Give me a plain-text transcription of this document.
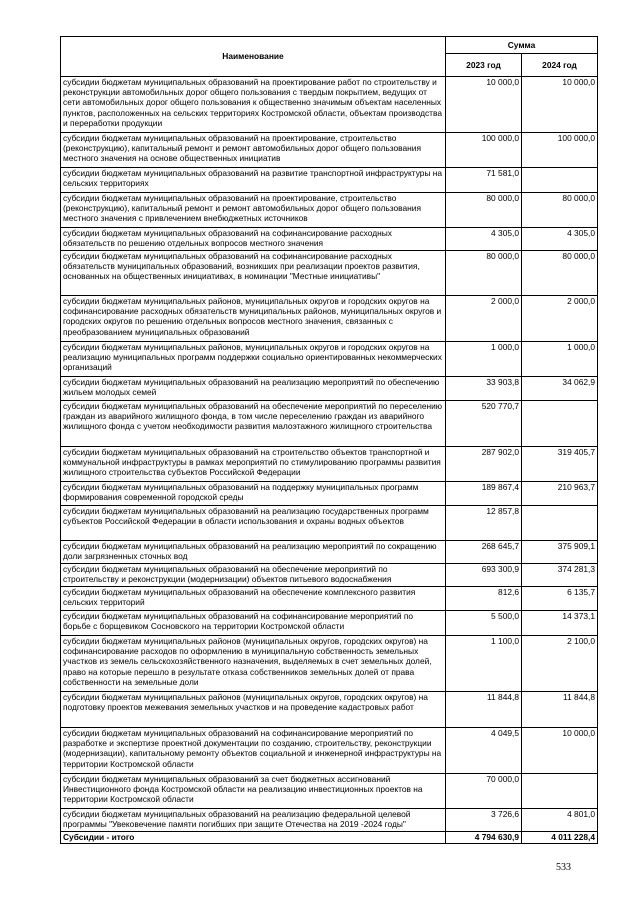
Наименование	Сумма	
	2023 год	2024 год
субсидии бюджетам муниципальных образований на проектирование работ по строительству и реконструкции автомобильных дорог общего пользования с твердым покрытием, ведущих от сети автомобильных дорог общего пользования к общественно значимым объектам населенных пунктов, расположенных на сельских территориях Костромской области, объектам производства и переработки продукции	10 000,0	10 000,0
субсидии бюджетам муниципальных образований на проектирование, строительство (реконструкцию), капитальный ремонт и ремонт автомобильных дорог общего пользования местного значения на основе общественных инициатив	100 000,0	100 000,0
субсидии бюджетам муниципальных образований на развитие транспортной инфраструктуры на сельских территориях	71 581,0	
субсидии бюджетам муниципальных образований на проектирование, строительство (реконструкцию), капитальный ремонт и ремонт автомобильных дорог общего пользования местного значения с привлечением внебюджетных источников	80 000,0	80 000,0
субсидии бюджетам муниципальных образований на софинансирование расходных обязательств по решению отдельных вопросов местного значения	4 305,0	4 305,0
субсидии бюджетам муниципальных образований на софинансирование расходных обязательств муниципальных образований, возникших при реализации проектов развития, основанных на общественных инициативах, в номинации "Местные инициативы"	80 000,0	80 000,0
субсидии бюджетам муниципальных районов, муниципальных округов и городских округов на софинансирование расходных обязательств муниципальных районов, муниципальных округов и городских округов по решению отдельных вопросов местного значения, связанных с преобразованием муниципальных образований	2 000,0	2 000,0
субсидии бюджетам муниципальных районов, муниципальных округов и городских округов на реализацию муниципальных программ поддержки социально ориентированных некоммерческих организаций	1 000,0	1 000,0
субсидии бюджетам муниципальных образований на реализацию мероприятий по обеспечению жильем молодых семей	33 903,8	34 062,9
субсидии бюджетам муниципальных образований на обеспечение мероприятий по переселению граждан из аварийного жилищного фонда, в том числе переселению граждан из аварийного жилищного фонда с учетом необходимости развития малоэтажного жилищного строительства	520 770,7	
субсидии бюджетам муниципальных образований на строительство объектов транспортной и коммунальной инфраструктуры в рамках мероприятий по стимулированию программы развития жилищного строительства субъектов Российской Федерации	287 902,0	319 405,7
субсидии бюджетам муниципальных образований на поддержку муниципальных программ формирования современной городской среды	189 867,4	210 963,7
субсидии бюджетам муниципальных образований на реализацию государственных программ субъектов Российской Федерации в области использования и охраны водных объектов	12 857,8	
субсидии бюджетам муниципальных образований на реализацию мероприятий по сокращению доли загрязненных сточных вод	268 645,7	375 909,1
субсидии бюджетам муниципальных образований на обеспечение мероприятий по строительству и реконструкции (модернизации) объектов питьевого водоснабжения	693 300,9	374 281,3
субсидии бюджетам муниципальных образований на обеспечение комплексного развития сельских территорий	812,6	6 135,7
субсидии бюджетам муниципальных образований на софинансирование мероприятий по борьбе с борщевиком Сосновского на территории Костромской области	5 500,0	14 373,1
субсидии бюджетам муниципальных районов (муниципальных округов, городских округов) на софинансирование расходов по оформлению в муниципальную собственность земельных участков из земель сельскохозяйственного назначения, выделяемых в счет земельных долей, право на которые перешло в результате отказа собственников земельных долей от права собственности на земельные доли	1 100,0	2 100,0
субсидии бюджетам муниципальных районов (муниципальных округов, городских округов) на подготовку проектов межевания земельных участков и на проведение кадастровых работ	11 844,8	11 844,8
субсидии бюджетам муниципальных образований на софинансирование мероприятий по разработке и экспертизе проектной документации по созданию, строительству, реконструкции (модернизации), капитальному ремонту объектов социальной и инженерной инфраструктуры на территории Костромской области	4 049,5	10 000,0
субсидии бюджетам муниципальных образований за счет бюджетных ассигнований Инвестиционного фонда Костромской области на реализацию инвестиционных проектов на территории Костромской области	70 000,0	
субсидии бюджетам муниципальных образований на реализацию федеральной целевой программы "Увековечение памяти погибших при защите Отечества на 2019 -2024 годы"	3 726,6	4 801,0
Субсидии - итого	4 794 630,9	4 011 228,4
533
